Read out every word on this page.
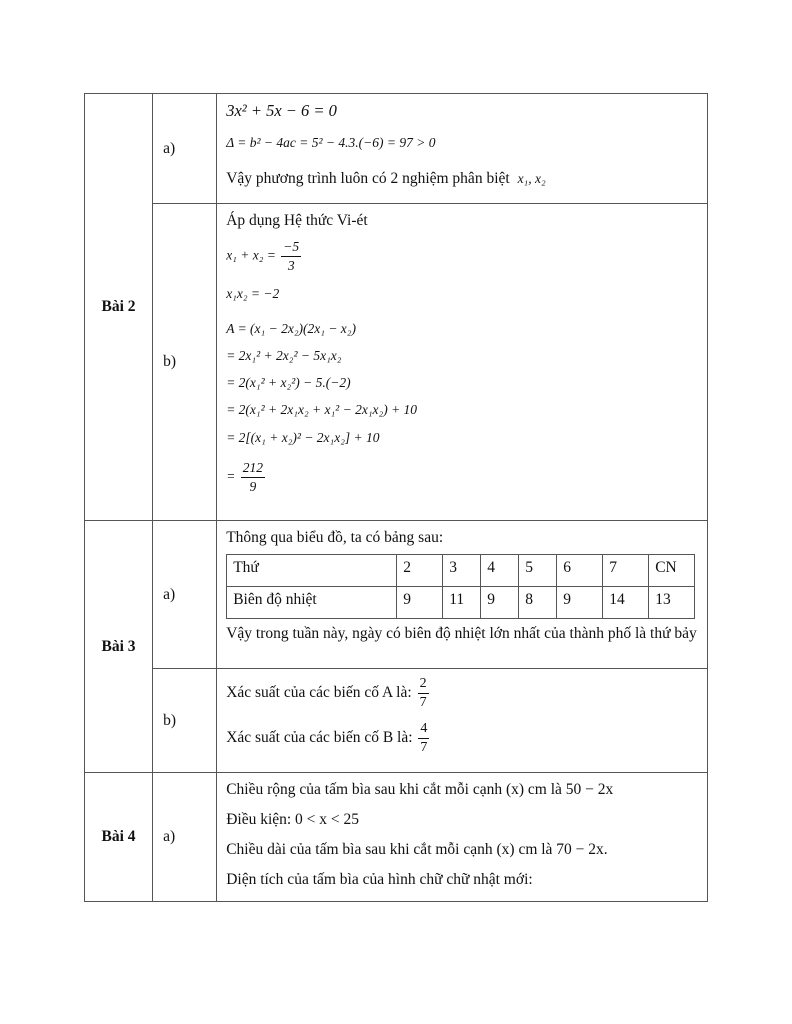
Bài 2	a)	
3x² + 5x − 6 = 0
Δ = b² − 4ac = 5² − 4.3.(−6) = 97 > 0
Vậy phương trình luôn có 2 nghiệm phân biệt x₁, x₂

b)	
Áp dụng Hệ thức Vi-ét
$x_1 + x_2 = \frac{-5}{3}$
x₁x₂ = −2
A = (x₁ − 2x₂)(2x₁ − x₂)
= 2x₁² + 2x₂² − 5x₁x₂
= 2(x₁² + x₂²) − 5.(−2)
= 2(x₁² + 2x₁x₂ + x₁² − 2x₁x₂) + 10
= 2[(x₁ + x₂)² − 2x₁x₂] + 10
= $\frac{212}{9}$

Bài 3	a)	
Thông qua biểu đồ, ta có bảng sau:
Thứ	2	3	4	5	6	7	CN
Biên độ nhiệt	9	11	9	8	9	14	13
Vậy trong tuần này, ngày có biên độ nhiệt lớn nhất của thành phố là thứ bảy

b)	
Xác suất của các biến cố A là: $\frac{2}{7}$
Xác suất của các biến cố B là: $\frac{4}{7}$

Bài 4	a)	
Chiều rộng của tấm bìa sau khi cắt mỗi cạnh (x) cm là 50 − 2x
Điều kiện: 0 < x < 25
Chiều dài của tấm bìa sau khi cắt mỗi cạnh (x) cm là 70 − 2x.
Diện tích của tấm bìa của hình chữ chữ nhật mới:
